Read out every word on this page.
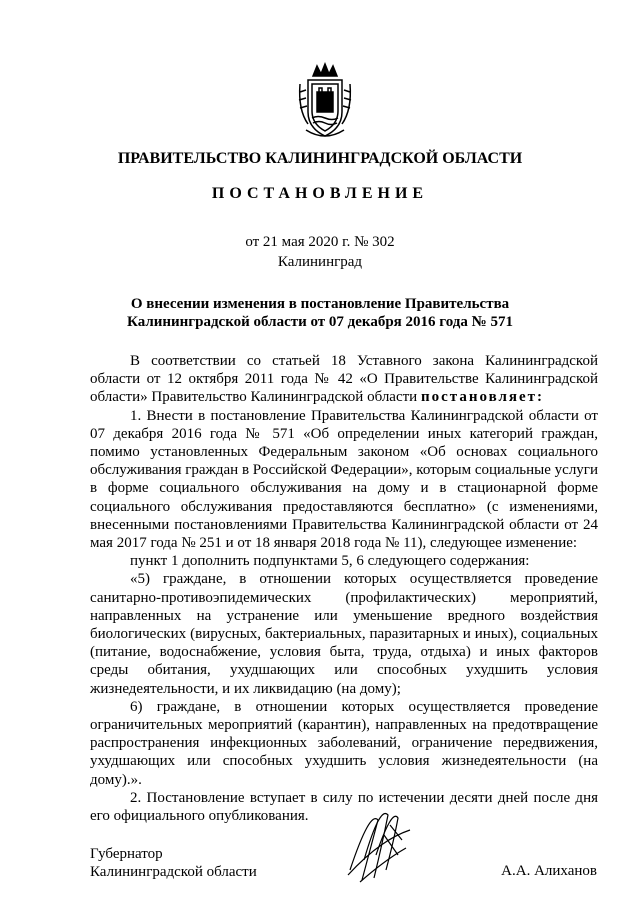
ПРАВИТЕЛЬСТВО КАЛИНИНГРАДСКОЙ ОБЛАСТИ
ПОСТАНОВЛЕНИЕ
от 21 мая 2020 г. № 302
Калининград
О внесении изменения в постановление Правительства
Калининградской области от 07 декабря 2016 года № 571

В соответствии со статьей 18 Уставного закона Калининградской области от 12 октября 2011 года № 42 «О Правительстве Калининградской области» Правительство Калининградской области постановляет:

1. Внести в постановление Правительства Калининградской области от 07 декабря 2016 года № 571 «Об определении иных категорий граждан, помимо установленных Федеральным законом «Об основах социального обслуживания граждан в Российской Федерации», которым социальные услуги в форме социального обслуживания на дому и в стационарной форме социального обслуживания предоставляются бесплатно» (с изменениями, внесенными постановлениями Правительства Калининградской области от 24 мая 2017 года № 251 и от 18 января 2018 года № 11), следующее изменение:

пункт 1 дополнить подпунктами 5, 6 следующего содержания:

«5) граждане, в отношении которых осуществляется проведение санитарно-противоэпидемических (профилактических) мероприятий, направленных на устранение или уменьшение вредного воздействия биологических (вирусных, бактериальных, паразитарных и иных), социальных (питание, водоснабжение, условия быта, труда, отдыха) и иных факторов среды обитания, ухудшающих или способных ухудшить условия жизнедеятельности, и их ликвидацию (на дому);

6) граждане, в отношении которых осуществляется проведение ограничительных мероприятий (карантин), направленных на предотвращение распространения инфекционных заболеваний, ограничение передвижения, ухудшающих или способных ухудшить условия жизнедеятельности (на дому).».

2. Постановление вступает в силу по истечении десяти дней после дня его официального опубликования.

Губернатор
Калининградской области	А.А. Алиханов
